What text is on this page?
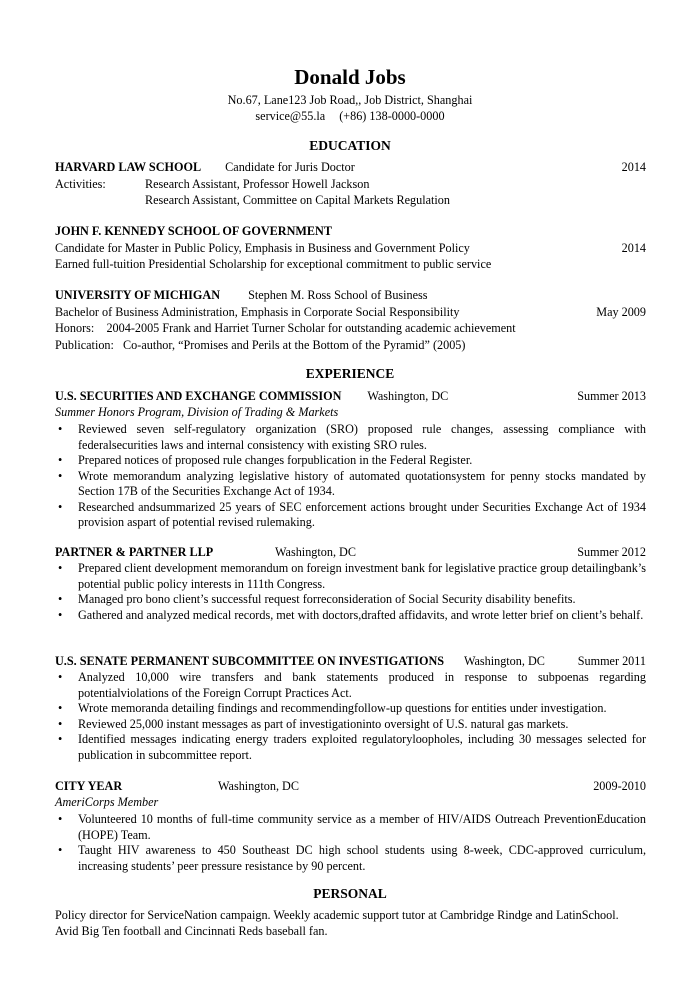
Donald Jobs
No.67, Lane123 Job Road,, Job District, Shanghai
service@55.la (+86) 138-0000-0000
EDUCATION
HARVARD LAW SCHOOL Candidate for Juris Doctor	2014
Activities:	Research Assistant, Professor Howell Jackson
Research Assistant, Committee on Capital Markets Regulation
JOHN F. KENNEDY SCHOOL OF GOVERNMENT
Candidate for Master in Public Policy, Emphasis in Business and Government Policy	2014
Earned full-tuition Presidential Scholarship for exceptional commitment to public service
UNIVERSITY OF MICHIGAN Stephen M. Ross School of Business
Bachelor of Business Administration, Emphasis in Corporate Social Responsibility	May 2009
Honors:    2004-2005 Frank and Harriet Turner Scholar for outstanding academic achievement
Publication:   Co-author, “Promises and Perils at the Bottom of the Pyramid” (2005)
EXPERIENCE
U.S. SECURITIES AND EXCHANGE COMMISSION Washington, DC	Summer 2013
Summer Honors Program, Division of Trading & Markets
• Reviewed seven self-regulatory organization (SRO) proposed rule changes, assessing compliance with federalsecurities laws and internal consistency with existing SRO rules.
• Prepared notices of proposed rule changes forpublication in the Federal Register.
• Wrote memorandum analyzing legislative history of automated quotationsystem for penny stocks mandated by Section 17B of the Securities Exchange Act of 1934.
• Researched andsummarized 25 years of SEC enforcement actions brought under Securities Exchange Act of 1934 provision aspart of potential revised rulemaking.
PARTNER & PARTNER LLP	Washington, DC	Summer 2012
• Prepared client development memorandum on foreign investment bank for legislative practice group detailingbank’s potential public policy interests in 111th Congress.
• Managed pro bono client’s successful request forreconsideration of Social Security disability benefits.
• Gathered and analyzed medical records, met with doctors,drafted affidavits, and wrote letter brief on client’s behalf.
U.S. SENATE PERMANENT SUBCOMMITTEE ON INVESTIGATIONS Washington, DC	Summer 2011
• Analyzed 10,000 wire transfers and bank statements produced in response to subpoenas regarding potentialviolations of the Foreign Corrupt Practices Act.
• Wrote memoranda detailing findings and recommendingfollow-up questions for entities under investigation.
• Reviewed 25,000 instant messages as part of investigationinto oversight of U.S. natural gas markets.
• Identified messages indicating energy traders exploited regulatoryloopholes, including 30 messages selected for publication in subcommittee report.
CITY YEAR	Washington, DC	2009-2010
AmeriCorps Member
• Volunteered 10 months of full-time community service as a member of HIV/AIDS Outreach PreventionEducation (HOPE) Team.
• Taught HIV awareness to 450 Southeast DC high school students using 8-week, CDC-approved curriculum, increasing students’ peer pressure resistance by 90 percent.
PERSONAL
Policy director for ServiceNation campaign. Weekly academic support tutor at Cambridge Rindge and LatinSchool.
Avid Big Ten football and Cincinnati Reds baseball fan.
